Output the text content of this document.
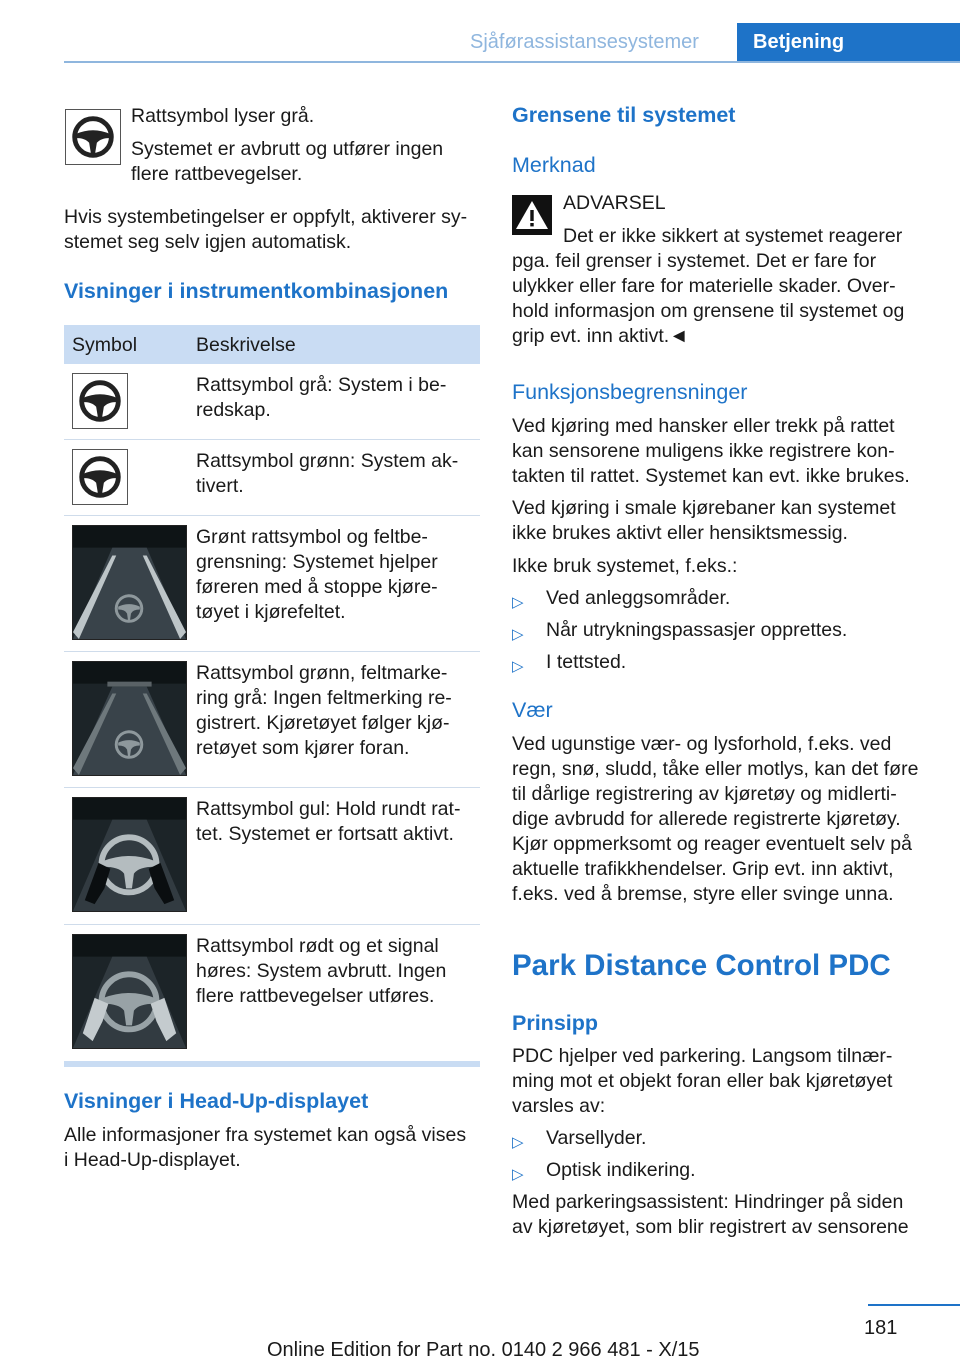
Sjåførassistansesystemer	Betjening
Rattsymbol lyser grå.
Systemet er avbrutt og utfører ingen
flere rattbevegelser.
Hvis systembetingelser er oppfylt, aktiverer sy-
stemet seg selv igjen automatisk.
Visninger i instrumentkombinasjonen
Symbol	Beskrivelse
Rattsymbol grå: System i be-
redskap.
Rattsymbol grønn: System ak-
tivert.
Grønt rattsymbol og feltbe-
grensning: Systemet hjelper
føreren med å stoppe kjøre-
tøyet i kjørefeltet.
Rattsymbol grønn, feltmarke-
ring grå: Ingen feltmerking re-
gistrert. Kjøretøyet følger kjø-
retøyet som kjører foran.
Rattsymbol gul: Hold rundt rat-
tet. Systemet er fortsatt aktivt.
Rattsymbol rødt og et signal
høres: System avbrutt. Ingen
flere rattbevegelser utføres.
Visninger i Head-Up-displayet
Alle informasjoner fra systemet kan også vises
i Head-Up-displayet.
Grensene til systemet
Merknad
ADVARSEL
Det er ikke sikkert at systemet reagerer
pga. feil grenser i systemet. Det er fare for
ulykker eller fare for materielle skader. Over-
hold informasjon om grensene til systemet og
grip evt. inn aktivt.◄
Funksjonsbegrensninger
Ved kjøring med hansker eller trekk på rattet
kan sensorene muligens ikke registrere kon-
takten til rattet. Systemet kan evt. ikke brukes.
Ved kjøring i smale kjørebaner kan systemet
ikke brukes aktivt eller hensiktsmessig.
Ikke bruk systemet, f.eks.:
▷ Ved anleggsområder.
▷ Når utrykningspassasjer opprettes.
▷ I tettsted.
Vær
Ved ugunstige vær- og lysforhold, f.eks. ved
regn, snø, sludd, tåke eller motlys, kan det føre
til dårlige registrering av kjøretøy og midlerti-
dige avbrudd for allerede registrerte kjøretøy.
Kjør oppmerksomt og reager eventuelt selv på
aktuelle trafikkhendelser. Grip evt. inn aktivt,
f.eks. ved å bremse, styre eller svinge unna.
Park Distance Control PDC
Prinsipp
PDC hjelper ved parkering. Langsom tilnær-
ming mot et objekt foran eller bak kjøretøyet
varsles av:
▷ Varsellyder.
▷ Optisk indikering.
Med parkeringsassistent: Hindringer på siden
av kjøretøyet, som blir registrert av sensorene
181
Online Edition for Part no. 0140 2 966 481 - X/15
